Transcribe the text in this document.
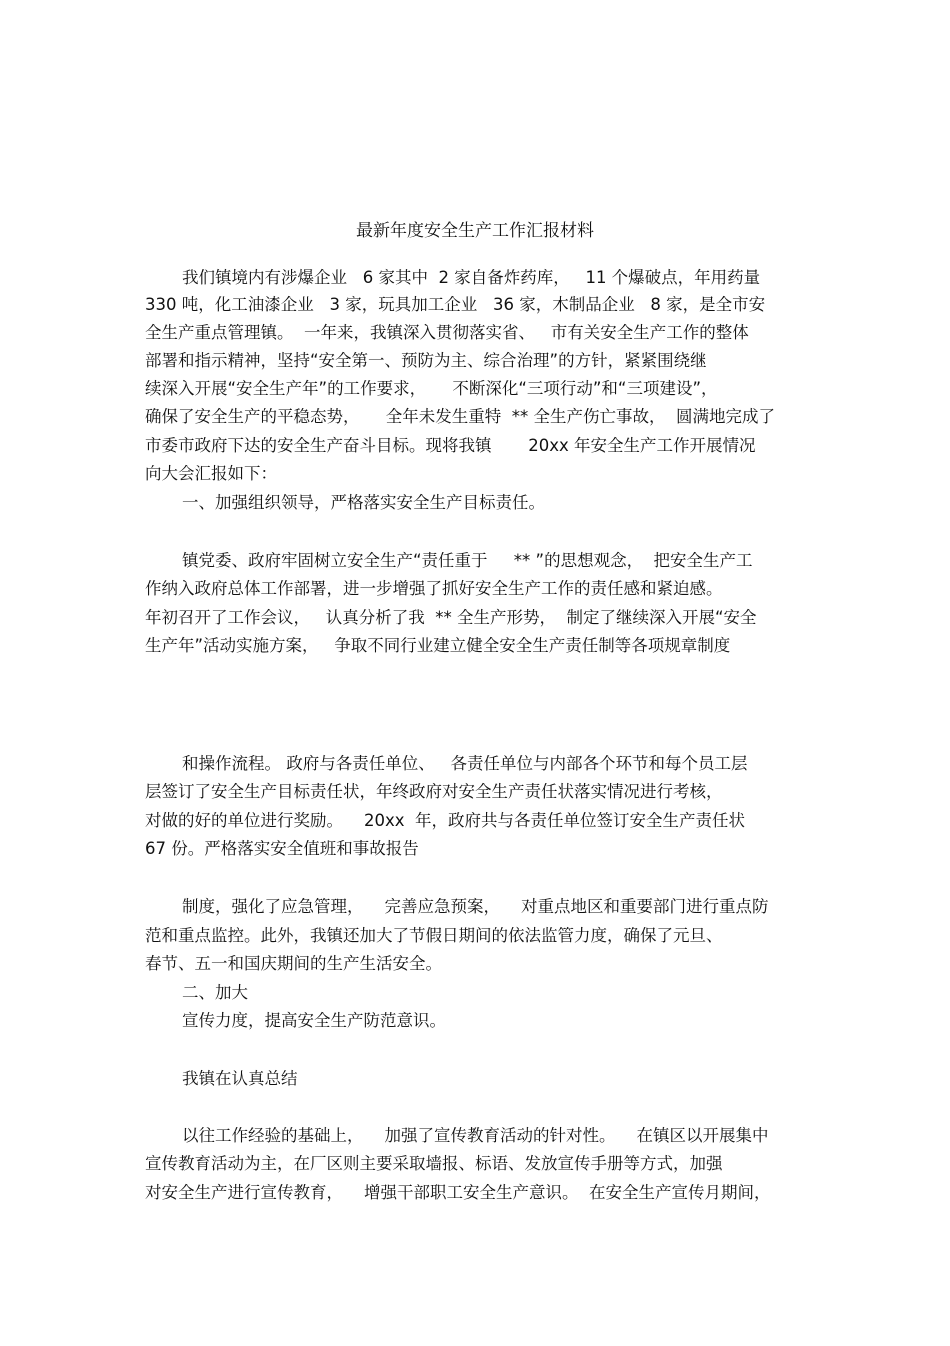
最新年度安全生产工作汇报材料
我们镇境内有涉爆企业   6 家其中  2 家自备炸药库，   11 个爆破点，年用药量
330 吨，化工油漆企业   3 家，玩具加工企业   36 家，木制品企业   8 家，是全市安
全生产重点管理镇。  一年来，我镇深入贯彻落实省、   市有关安全生产工作的整体
部署和指示精神，坚持“安全第一、预防为主、综合治理”的方针，紧紧围绕继
续深入开展“安全生产年”的工作要求，     不断深化“三项行动”和“三项建设”，
确保了安全生产的平稳态势，     全年未发生重特  ** 全生产伤亡事故，  圆满地完成了
市委市政府下达的安全生产奋斗目标。现将我镇       20xx 年安全生产工作开展情况
向大会汇报如下：
一、加强组织领导，严格落实安全生产目标责任。
镇党委、政府牢固树立安全生产“责任重于     ** ”的思想观念，  把安全生产工
作纳入政府总体工作部署，进一步增强了抓好安全生产工作的责任感和紧迫感。
年初召开了工作会议，   认真分析了我  ** 全生产形势，  制定了继续深入开展“安全
生产年”活动实施方案，   争取不同行业建立健全安全生产责任制等各项规章制度
和操作流程。 政府与各责任单位、   各责任单位与内部各个环节和每个员工层
层签订了安全生产目标责任状，年终政府对安全生产责任状落实情况进行考核，
对做的好的单位进行奖励。    20xx  年，政府共与各责任单位签订安全生产责任状
67 份。严格落实安全值班和事故报告
制度，强化了应急管理，    完善应急预案，    对重点地区和重要部门进行重点防
范和重点监控。此外，我镇还加大了节假日期间的依法监管力度，确保了元旦、
春节、五一和国庆期间的生产生活安全。
二、加大
宣传力度，提高安全生产防范意识。
我镇在认真总结
以往工作经验的基础上，    加强了宣传教育活动的针对性。    在镇区以开展集中
宣传教育活动为主，在厂区则主要采取墙报、标语、发放宣传手册等方式，加强
对安全生产进行宣传教育，    增强干部职工安全生产意识。  在安全生产宣传月期间，
